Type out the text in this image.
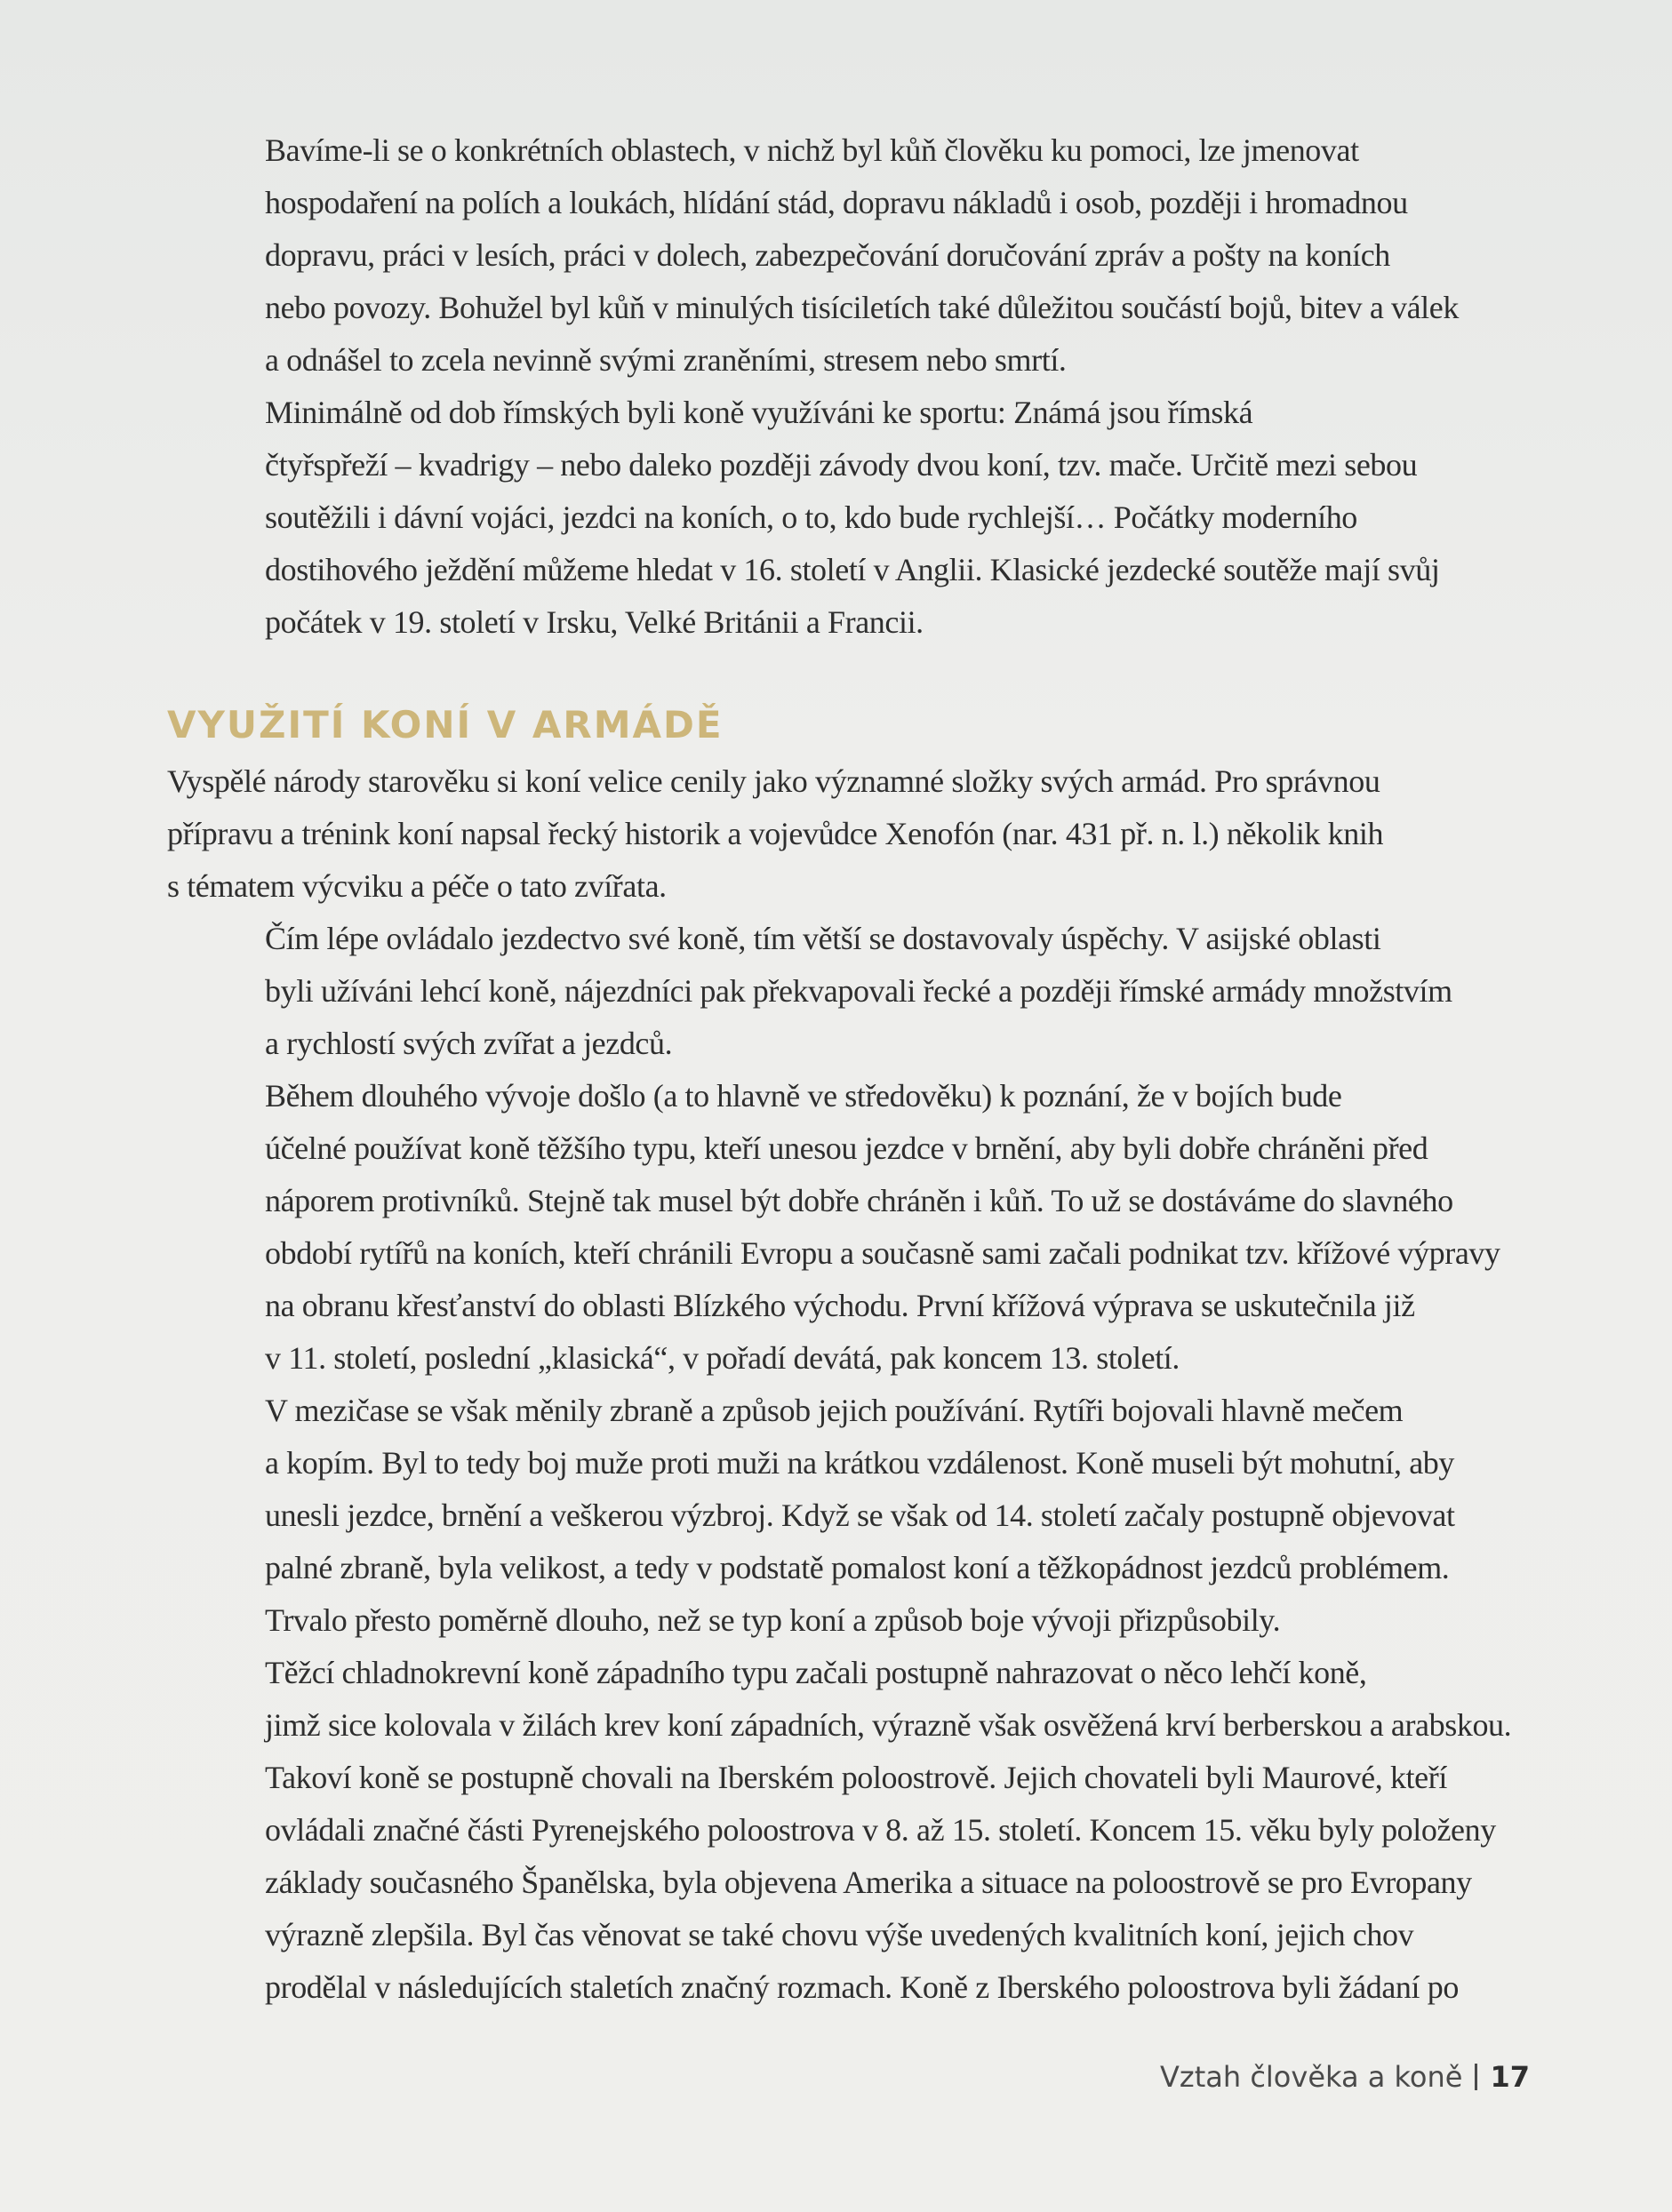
Bavíme-li se o konkrétních oblastech, v nichž byl kůň člověku ku pomoci, lze jmenovat
hospodaření na polích a loukách, hlídání stád, dopravu nákladů i osob, později i hromadnou
dopravu, práci v lesích, práci v dolech, zabezpečování doručování zpráv a pošty na koních
nebo povozy. Bohužel byl kůň v minulých tisíciletích také důležitou součástí bojů, bitev a válek
a odnášel to zcela nevinně svými zraněními, stresem nebo smrtí.

Minimálně od dob římských byli koně využíváni ke sportu: Známá jsou římská
čtyřspřeží – kvadrigy – nebo daleko později závody dvou koní, tzv. mače. Určitě mezi sebou
soutěžili i dávní vojáci, jezdci na koních, o to, kdo bude rychlejší… Počátky moderního
dostihového ježdění můžeme hledat v 16. století v Anglii. Klasické jezdecké soutěže mají svůj
počátek v 19. století v Irsku, Velké Británii a Francii.

VYUŽITÍ KONÍ V ARMÁDĚ

Vyspělé národy starověku si koní velice cenily jako významné složky svých armád. Pro správnou
přípravu a trénink koní napsal řecký historik a vojevůdce Xenofón (nar. 431 př. n. l.) několik knih
s tématem výcviku a péče o tato zvířata.

Čím lépe ovládalo jezdectvo své koně, tím větší se dostavovaly úspěchy. V asijské oblasti
byli užíváni lehcí koně, nájezdníci pak překvapovali řecké a později římské armády množstvím
a rychlostí svých zvířat a jezdců.

Během dlouhého vývoje došlo (a to hlavně ve středověku) k poznání, že v bojích bude
účelné používat koně těžšího typu, kteří unesou jezdce v brnění, aby byli dobře chráněni před
náporem protivníků. Stejně tak musel být dobře chráněn i kůň. To už se dostáváme do slavného
období rytířů na koních, kteří chránili Evropu a současně sami začali podnikat tzv. křížové výpravy
na obranu křesťanství do oblasti Blízkého východu. První křížová výprava se uskutečnila již
v 11. století, poslední „klasická“, v pořadí devátá, pak koncem 13. století.

V mezičase se však měnily zbraně a způsob jejich používání. Rytíři bojovali hlavně mečem
a kopím. Byl to tedy boj muže proti muži na krátkou vzdálenost. Koně museli být mohutní, aby
unesli jezdce, brnění a veškerou výzbroj. Když se však od 14. století začaly postupně objevovat
palné zbraně, byla velikost, a tedy v podstatě pomalost koní a těžkopádnost jezdců problémem.
Trvalo přesto poměrně dlouho, než se typ koní a způsob boje vývoji přizpůsobily.

Těžcí chladnokrevní koně západního typu začali postupně nahrazovat o něco lehčí koně,
jimž sice kolovala v žilách krev koní západních, výrazně však osvěžená krví berberskou a arabskou.
Takoví koně se postupně chovali na Iberském poloostrově. Jejich chovateli byli Maurové, kteří
ovládali značné části Pyrenejského poloostrova v 8. až 15. století. Koncem 15. věku byly položeny
základy současného Španělska, byla objevena Amerika a situace na poloostrově se pro Evropany
výrazně zlepšila. Byl čas věnovat se také chovu výše uvedených kvalitních koní, jejich chov
prodělal v následujících staletích značný rozmach. Koně z Iberského poloostrova byli žádaní po

Vztah člověka a koně 17
